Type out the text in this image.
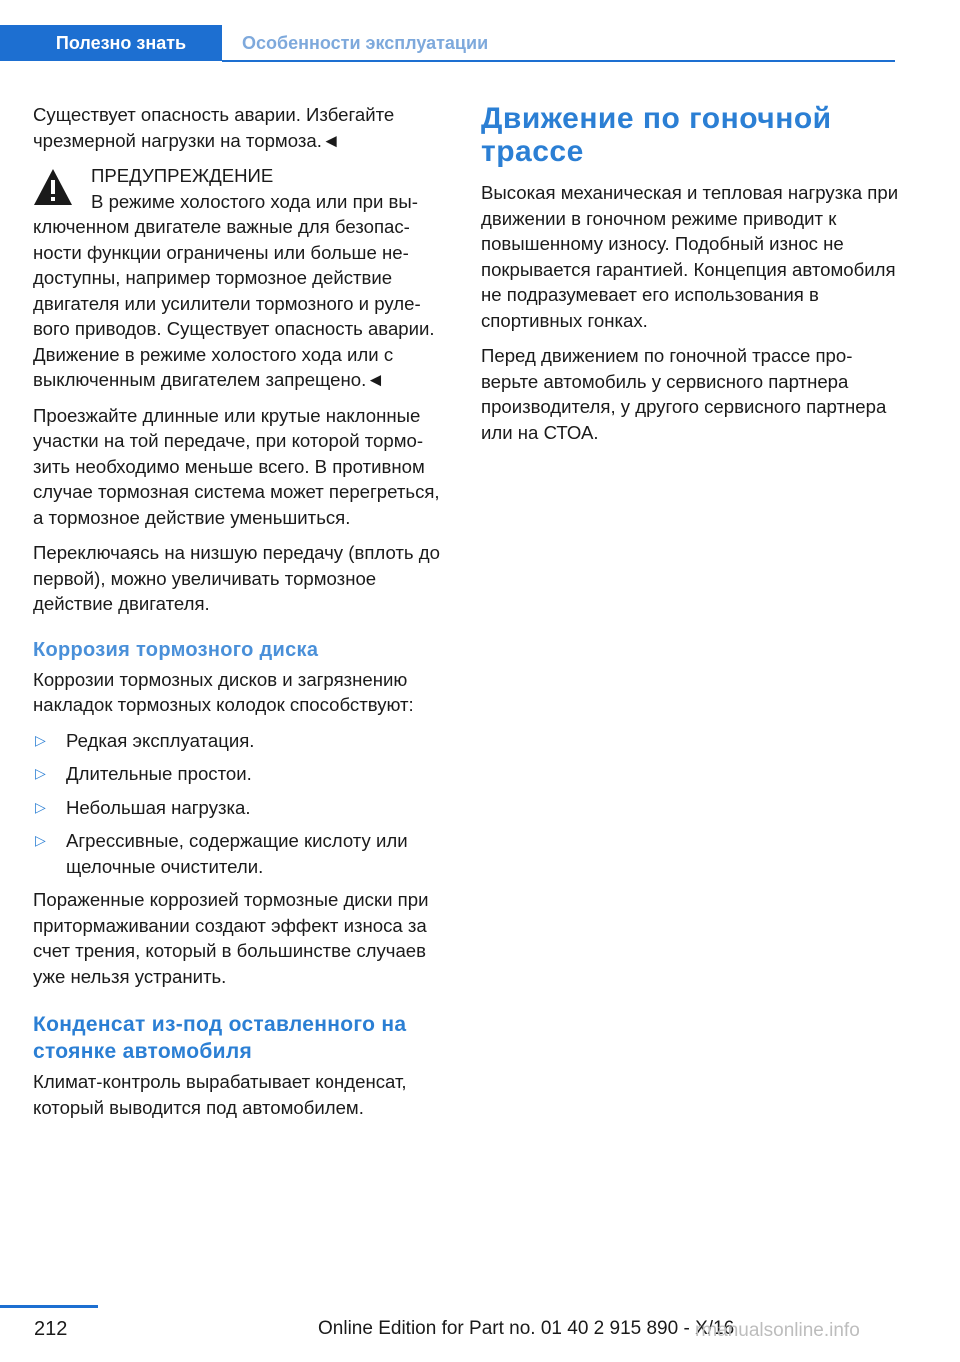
Полезно знать	Особенности эксплуатации

Существует опасность аварии. Избегайте чрезмерной нагрузки на тормоза.◄

ПРЕДУПРЕЖДЕНИЕ
В режиме холостого хода или при выключенном двигателе важные для безопасности функции ограничены или больше недоступны, например тормозное действие двигателя или усилители тормозного и рулевого приводов. Существует опасность аварии. Движение в режиме холостого хода или с выключенным двигателем запрещено.◄

Проезжайте длинные или крутые наклонные участки на той передаче, при которой тормозить необходимо меньше всего. В противном случае тормозная система может перегреться, а тормозное действие уменьшиться.

Переключаясь на низшую передачу (вплоть до первой), можно увеличивать тормозное действие двигателя.

Коррозия тормозного диска

Коррозии тормозных дисков и загрязнению накладок тормозных колодок способствуют:

▷ Редкая эксплуатация.
▷ Длительные простои.
▷ Небольшая нагрузка.
▷ Агрессивные, содержащие кислоту или щелочные очистители.

Пораженные коррозией тормозные диски при притормаживании создают эффект износа за счет трения, который в большинстве случаев уже нельзя устранить.

Конденсат из-под оставленного на стоянке автомобиля

Климат-контроль вырабатывает конденсат, который выводится под автомобилем.

Движение по гоночной трассе

Высокая механическая и тепловая нагрузка при движении в гоночном режиме приводит к повышенному износу. Подобный износ не покрывается гарантией. Концепция автомобиля не подразумевает его использования в спортивных гонках.

Перед движением по гоночной трассе проверьте автомобиль у сервисного партнера производителя, у другого сервисного партнера или на СТОА.

212	Online Edition for Part no. 01 40 2 915 890 - X/16
rmanualsonline.info
